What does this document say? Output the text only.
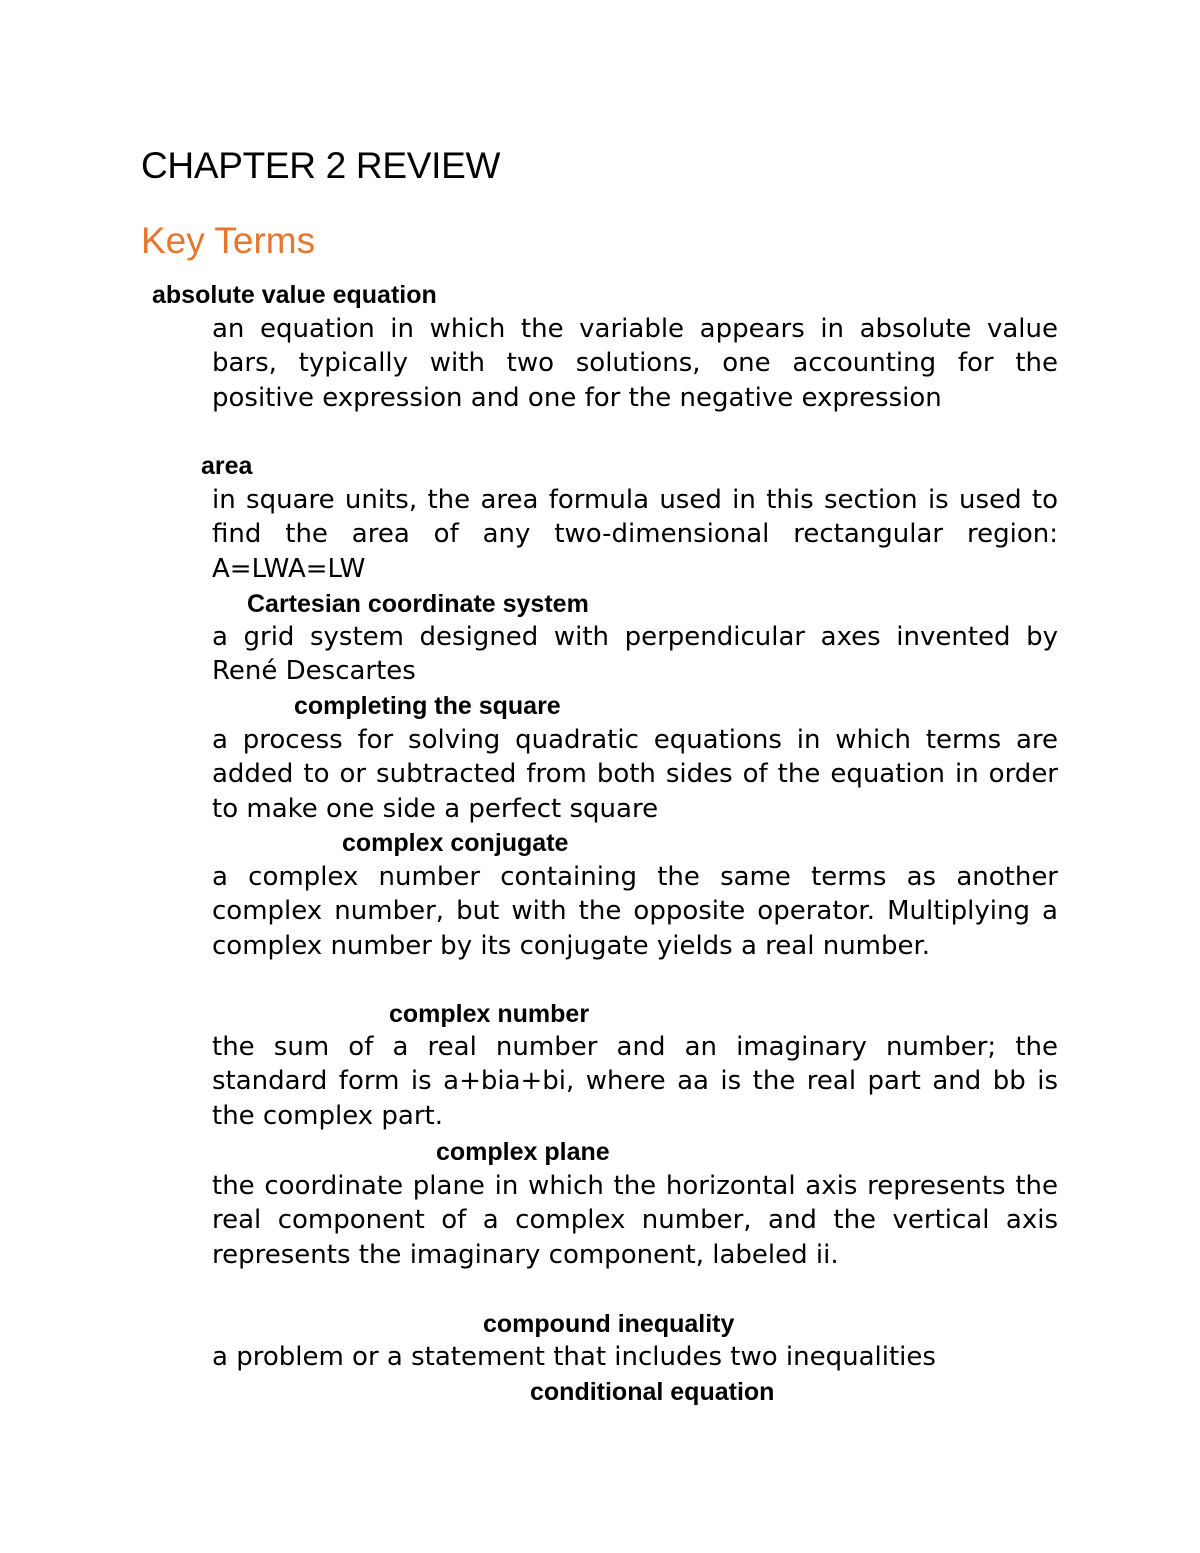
CHAPTER 2 REVIEW
Key Terms
absolute value equation

an equation in which the variable appears in absolute value bars, typically with two solutions, one accounting for the positive expression and one for the negative expression

area

in square units, the area formula used in this section is used to find the area of any two-dimensional rectangular region: A=LWA=LW

Cartesian coordinate system

a grid system designed with perpendicular axes invented by René Descartes

completing the square

a process for solving quadratic equations in which terms are added to or subtracted from both sides of the equation in order to make one side a perfect square

complex conjugate

a complex number containing the same terms as another complex number, but with the opposite operator. Multiplying a complex number by its conjugate yields a real number.

complex number

the sum of a real number and an imaginary number; the standard form is a+bia+bi, where aa is the real part and bb is the complex part.

complex plane

the coordinate plane in which the horizontal axis represents the real component of a complex number, and the vertical axis represents the imaginary component, labeled ii.

compound inequality

a problem or a statement that includes two inequalities

conditional equation
